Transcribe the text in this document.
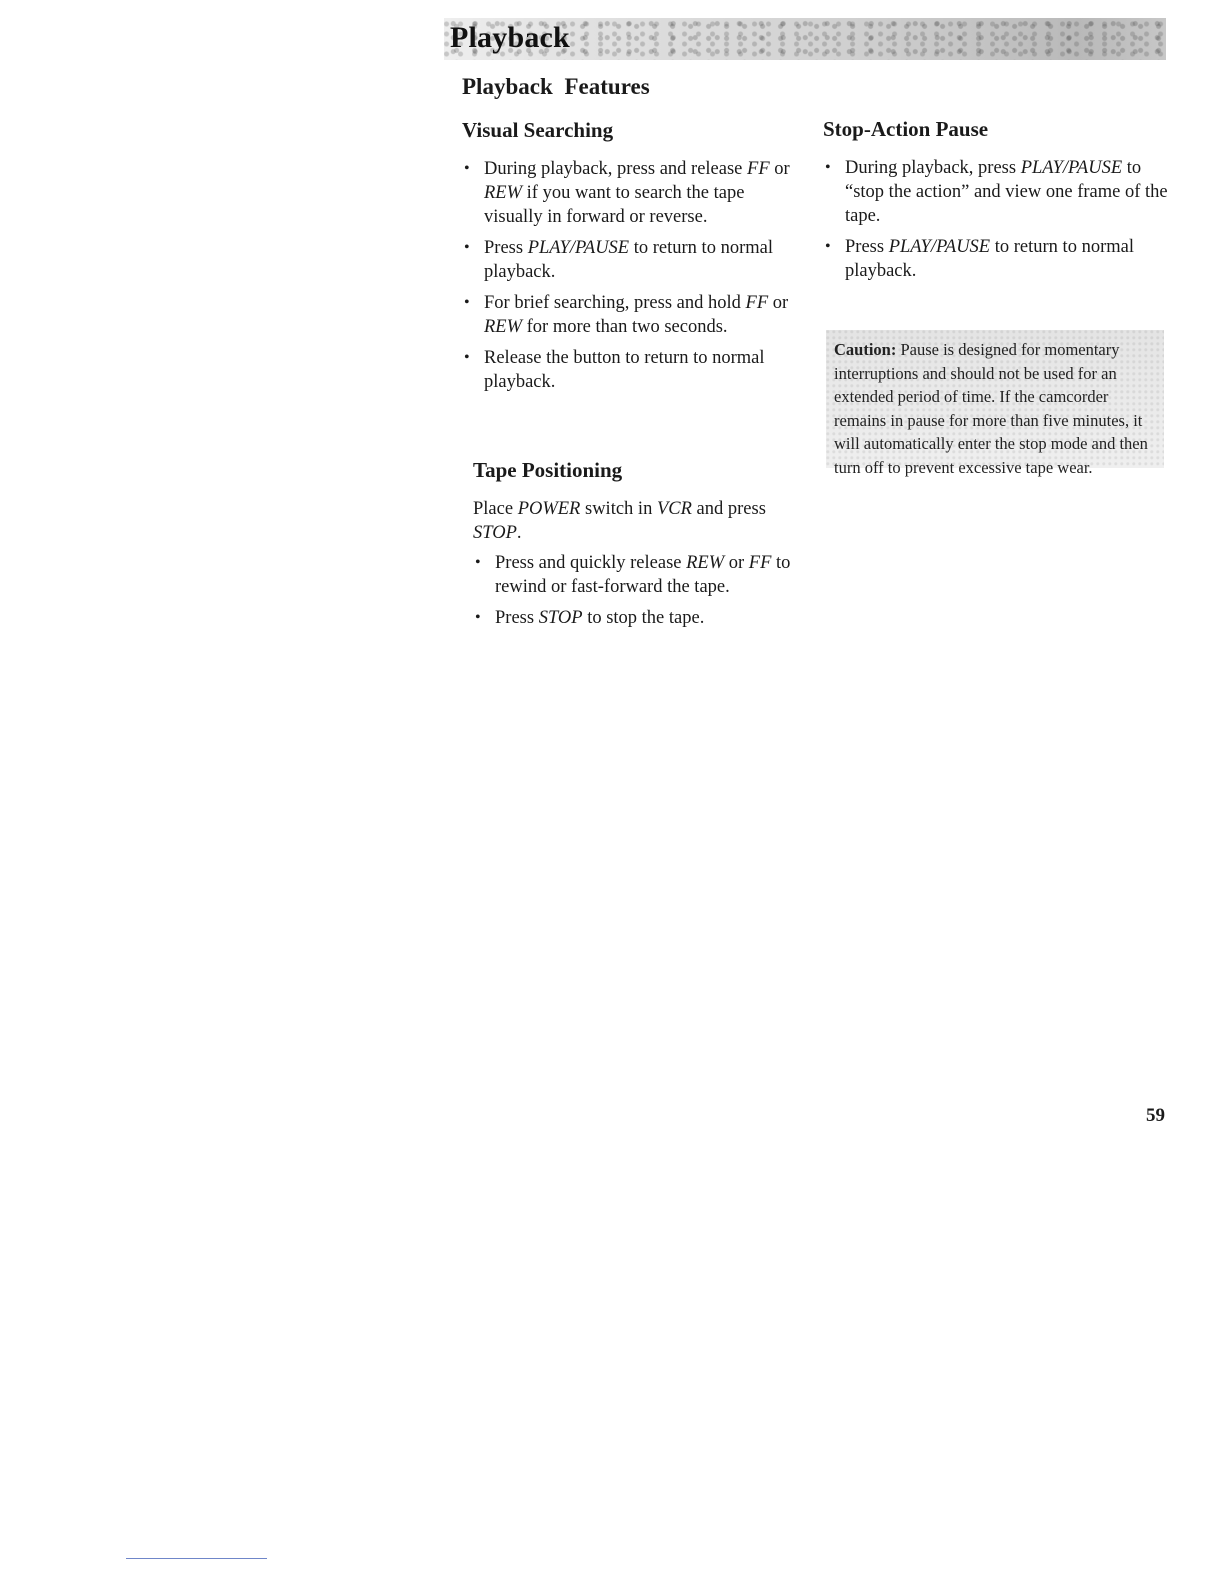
Playback
Playback Features
Visual Searching
• During playback, press and release FF or REW if you want to search the tape visually in forward or reverse.
• Press PLAY/PAUSE to return to normal playback.
• For brief searching, press and hold FF or REW for more than two seconds.
• Release the button to return to normal playback.
Stop-Action Pause
• During playback, press PLAY/PAUSE to “stop the action” and view one frame of the tape.
• Press PLAY/PAUSE to return to normal playback.
Caution: Pause is designed for momentary interruptions and should not be used for an extended period of time. If the camcorder remains in pause for more than five minutes, it will automatically enter the stop mode and then turn off to prevent excessive tape wear.
Tape Positioning

Place POWER switch in VCR and press STOP.

• Press and quickly release REW or FF to rewind or fast-forward the tape.
• Press STOP to stop the tape.
59
